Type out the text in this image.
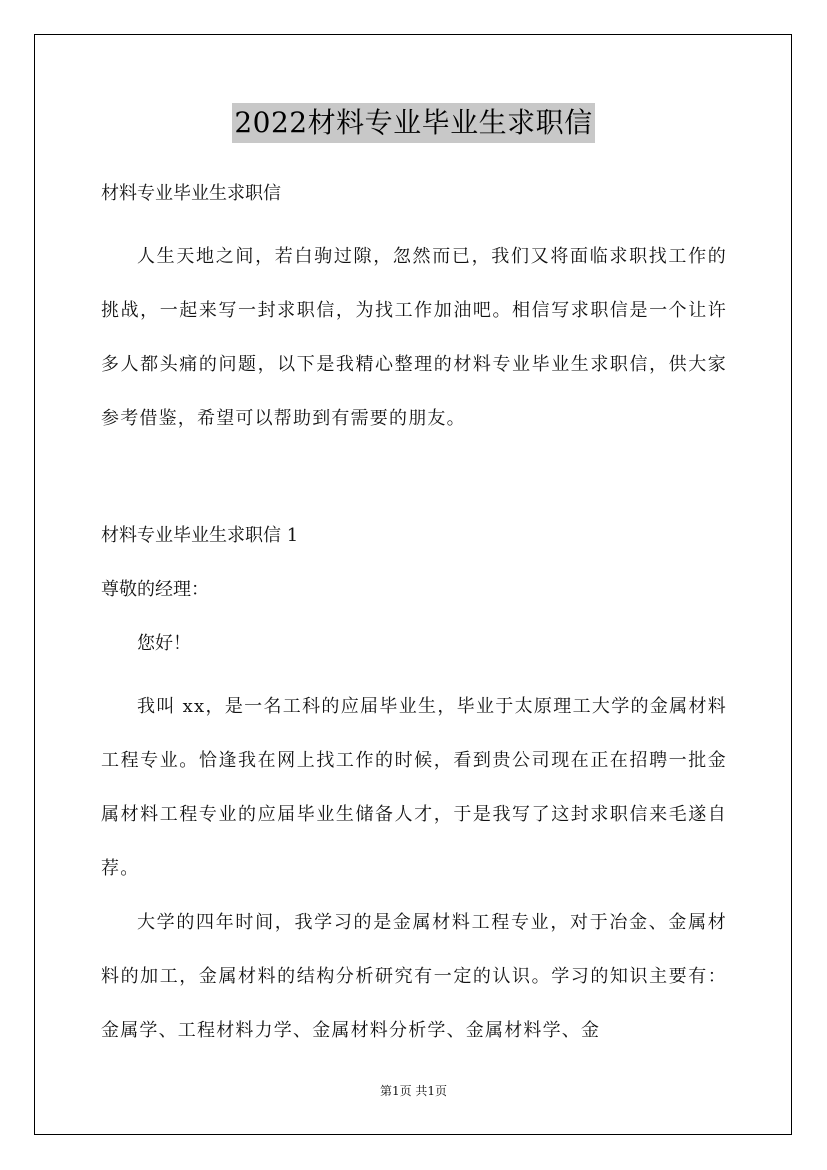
2022材料专业毕业生求职信
材料专业毕业生求职信

人生天地之间，若白驹过隙，忽然而已，我们又将面临求职找工作的挑战，一起来写一封求职信，为找工作加油吧。相信写求职信是一个让许多人都头痛的问题，以下是我精心整理的材料专业毕业生求职信，供大家参考借鉴，希望可以帮助到有需要的朋友。

材料专业毕业生求职信 1
尊敬的经理：
您好！

我叫 xx，是一名工科的应届毕业生，毕业于太原理工大学的金属材料工程专业。恰逢我在网上找工作的时候，看到贵公司现在正在招聘一批金属材料工程专业的应届毕业生储备人才，于是我写了这封求职信来毛遂自荐。

大学的四年时间，我学习的是金属材料工程专业，对于冶金、金属材料的加工，金属材料的结构分析研究有一定的认识。学习的知识主要有：金属学、工程材料力学、金属材料分析学、金属材料学、金

第1页 共1页
